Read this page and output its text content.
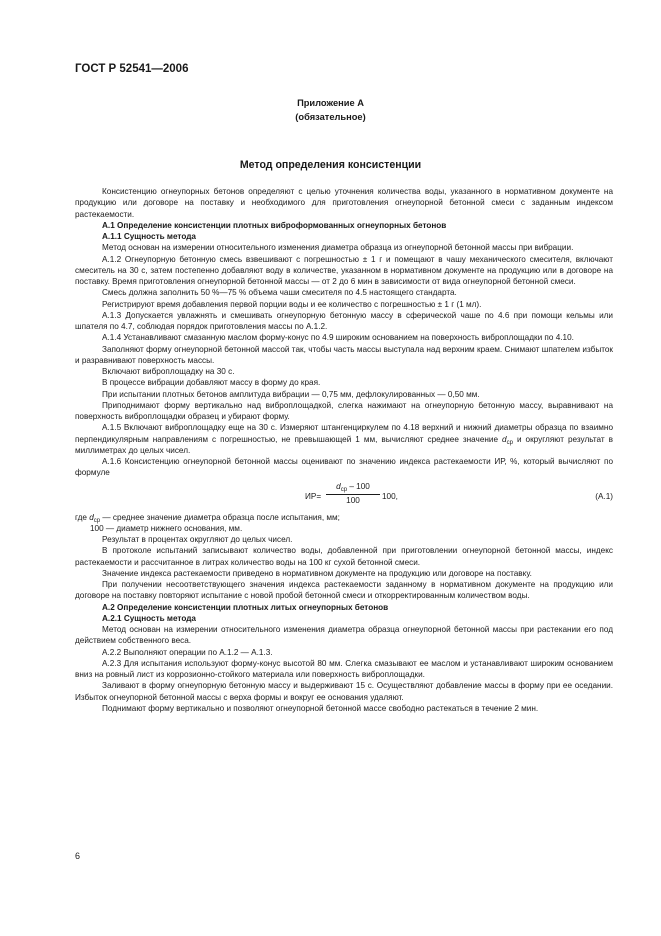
ГОСТ Р 52541—2006
Приложение А
(обязательное)
Метод определения консистенции

Консистенцию огнеупорных бетонов определяют с целью уточнения количества воды, указанного в нормативном документе на продукцию или договоре на поставку и необходимого для приготовления огнеупорной бетонной смеси с заданным индексом растекаемости.

А.1 Определение консистенции плотных виброформованных огнеупорных бетонов

А.1.1 Сущность метода

Метод основан на измерении относительного изменения диаметра образца из огнеупорной бетонной массы при вибрации.

А.1.2 Огнеупорную бетонную смесь взвешивают с погрешностью ± 1 г и помещают в чашу механического смесителя, включают смеситель на 30 с, затем постепенно добавляют воду в количестве, указанном в нормативном документе на продукцию или в договоре на поставку. Время приготовления огнеупорной бетонной массы — от 2 до 6 мин в зависимости от вида огнеупорной бетонной смеси.

Смесь должна заполнить 50 %—75 % объема чаши смесителя по 4.5 настоящего стандарта.

Регистрируют время добавления первой порции воды и ее количество с погрешностью ± 1 г (1 мл).

А.1.3 Допускается увлажнять и смешивать огнеупорную бетонную массу в сферической чаше по 4.6 при помощи кельмы или шпателя по 4.7, соблюдая порядок приготовления массы по А.1.2.

А.1.4 Устанавливают смазанную маслом форму-конус по 4.9 широким основанием на поверхность виброплощадки по 4.10.

Заполняют форму огнеупорной бетонной массой так, чтобы часть массы выступала над верхним краем. Снимают шпателем избыток и разравнивают поверхность массы.

Включают виброплощадку на 30 с.

В процессе вибрации добавляют массу в форму до края.

При испытании плотных бетонов амплитуда вибрации — 0,75 мм, дефлокулированных — 0,50 мм.

Приподнимают форму вертикально над виброплощадкой, слегка нажимают на огнеупорную бетонную массу, выравнивают на поверхность виброплощадки образец и убирают форму.

А.1.5 Включают виброплощадку еще на 30 с. Измеряют штангенциркулем по 4.18 верхний и нижний диаметры образца по взаимно перпендикулярным направлениям с погрешностью, не превышающей 1 мм, вычисляют среднее значение $d_{ср}$ и округляют результат в миллиметрах до целых чисел.

А.1.6 Консистенцию огнеупорной бетонной массы оценивают по значению индекса растекаемости ИР, %, который вычисляют по формуле

ИР=
$d_{ср} - 100$
100	100,	(А.1)

где $d_{ср}$ — среднее значение диаметра образца после испытания, мм;

100 — диаметр нижнего основания, мм.

Результат в процентах округляют до целых чисел.

В протоколе испытаний записывают количество воды, добавленной при приготовлении огнеупорной бетонной массы, индекс растекаемости и рассчитанное в литрах количество воды на 100 кг сухой бетонной смеси.

Значение индекса растекаемости приведено в нормативном документе на продукцию или договоре на поставку.

При получении несоответствующего значения индекса растекаемости заданному в нормативном документе на продукцию или договоре на поставку повторяют испытание с новой пробой бетонной смеси и откорректированным количеством воды.

А.2 Определение консистенции плотных литых огнеупорных бетонов

А.2.1 Сущность метода

Метод основан на измерении относительного изменения диаметра образца огнеупорной бетонной массы при растекании его под действием собственного веса.

А.2.2 Выполняют операции по А.1.2 — А.1.3.

А.2.3 Для испытания используют форму-конус высотой 80 мм. Слегка смазывают ее маслом и устанавливают широким основанием вниз на ровный лист из коррозионно-стойкого материала или поверхность виброплощадки.

Заливают в форму огнеупорную бетонную массу и выдерживают 15 с. Осуществляют добавление массы в форму при ее оседании. Избыток огнеупорной бетонной массы с верха формы и вокруг ее основания удаляют.

Поднимают форму вертикально и позволяют огнеупорной бетонной массе свободно растекаться в течение 2 мин.

6
